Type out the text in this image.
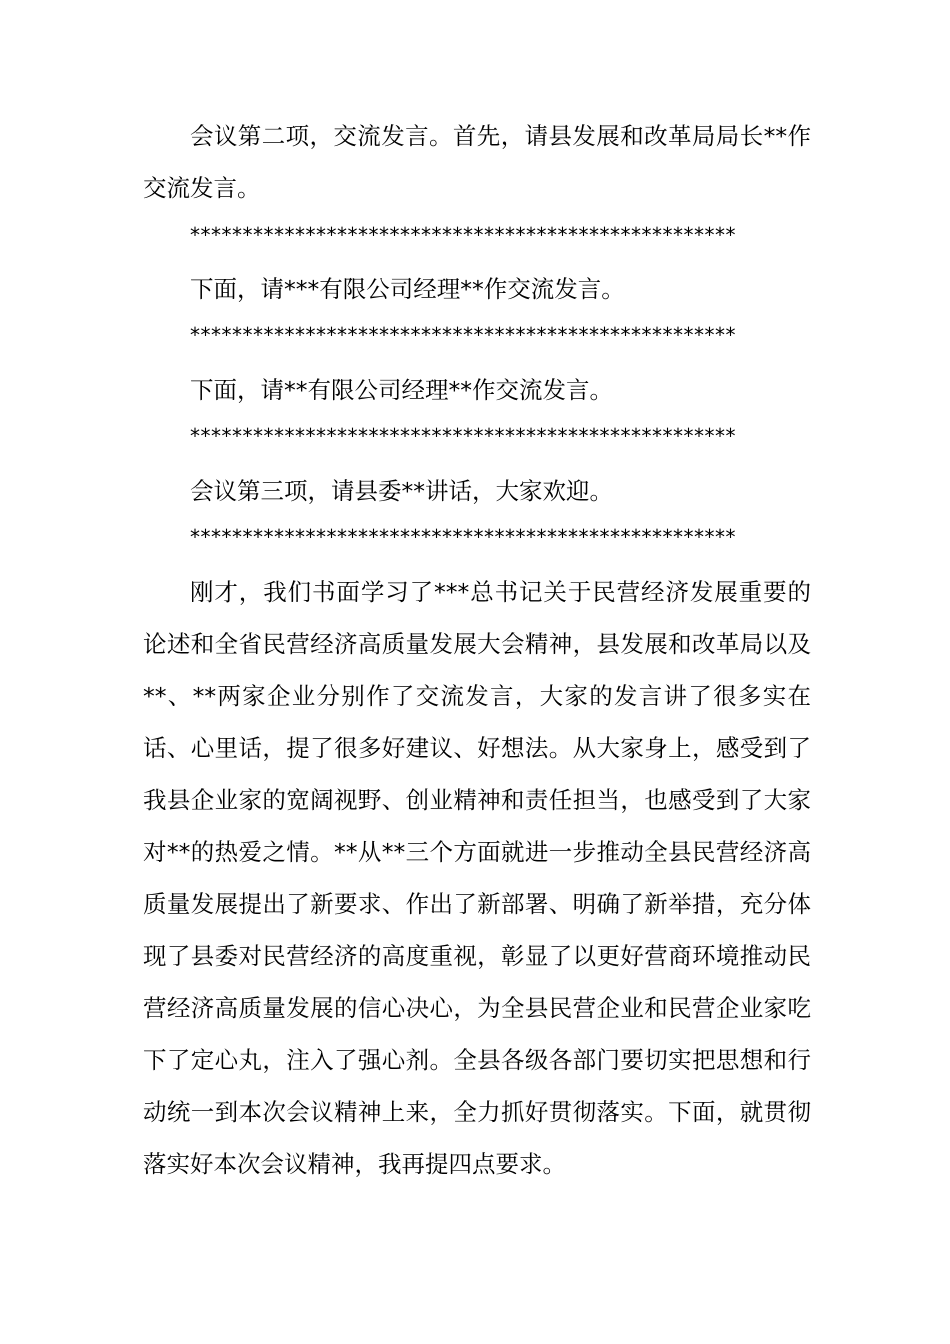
会议第二项，交流发言。首先，请县发展和改革局局长**作交流发言。

****************************************************

下面，请***有限公司经理**作交流发言。

****************************************************

下面，请**有限公司经理**作交流发言。

****************************************************

会议第三项，请县委**讲话，大家欢迎。

****************************************************

刚才，我们书面学习了***总书记关于民营经济发展重要的论述和全省民营经济高质量发展大会精神，县发展和改革局以及**、**两家企业分别作了交流发言，大家的发言讲了很多实在话、心里话，提了很多好建议、好想法。从大家身上，感受到了我县企业家的宽阔视野、创业精神和责任担当，也感受到了大家对**的热爱之情。**从**三个方面就进一步推动全县民营经济高质量发展提出了新要求、作出了新部署、明确了新举措，充分体现了县委对民营经济的高度重视，彰显了以更好营商环境推动民营经济高质量发展的信心决心，为全县民营企业和民营企业家吃下了定心丸，注入了强心剂。全县各级各部门要切实把思想和行动统一到本次会议精神上来，全力抓好贯彻落实。下面，就贯彻落实好本次会议精神，我再提四点要求。
